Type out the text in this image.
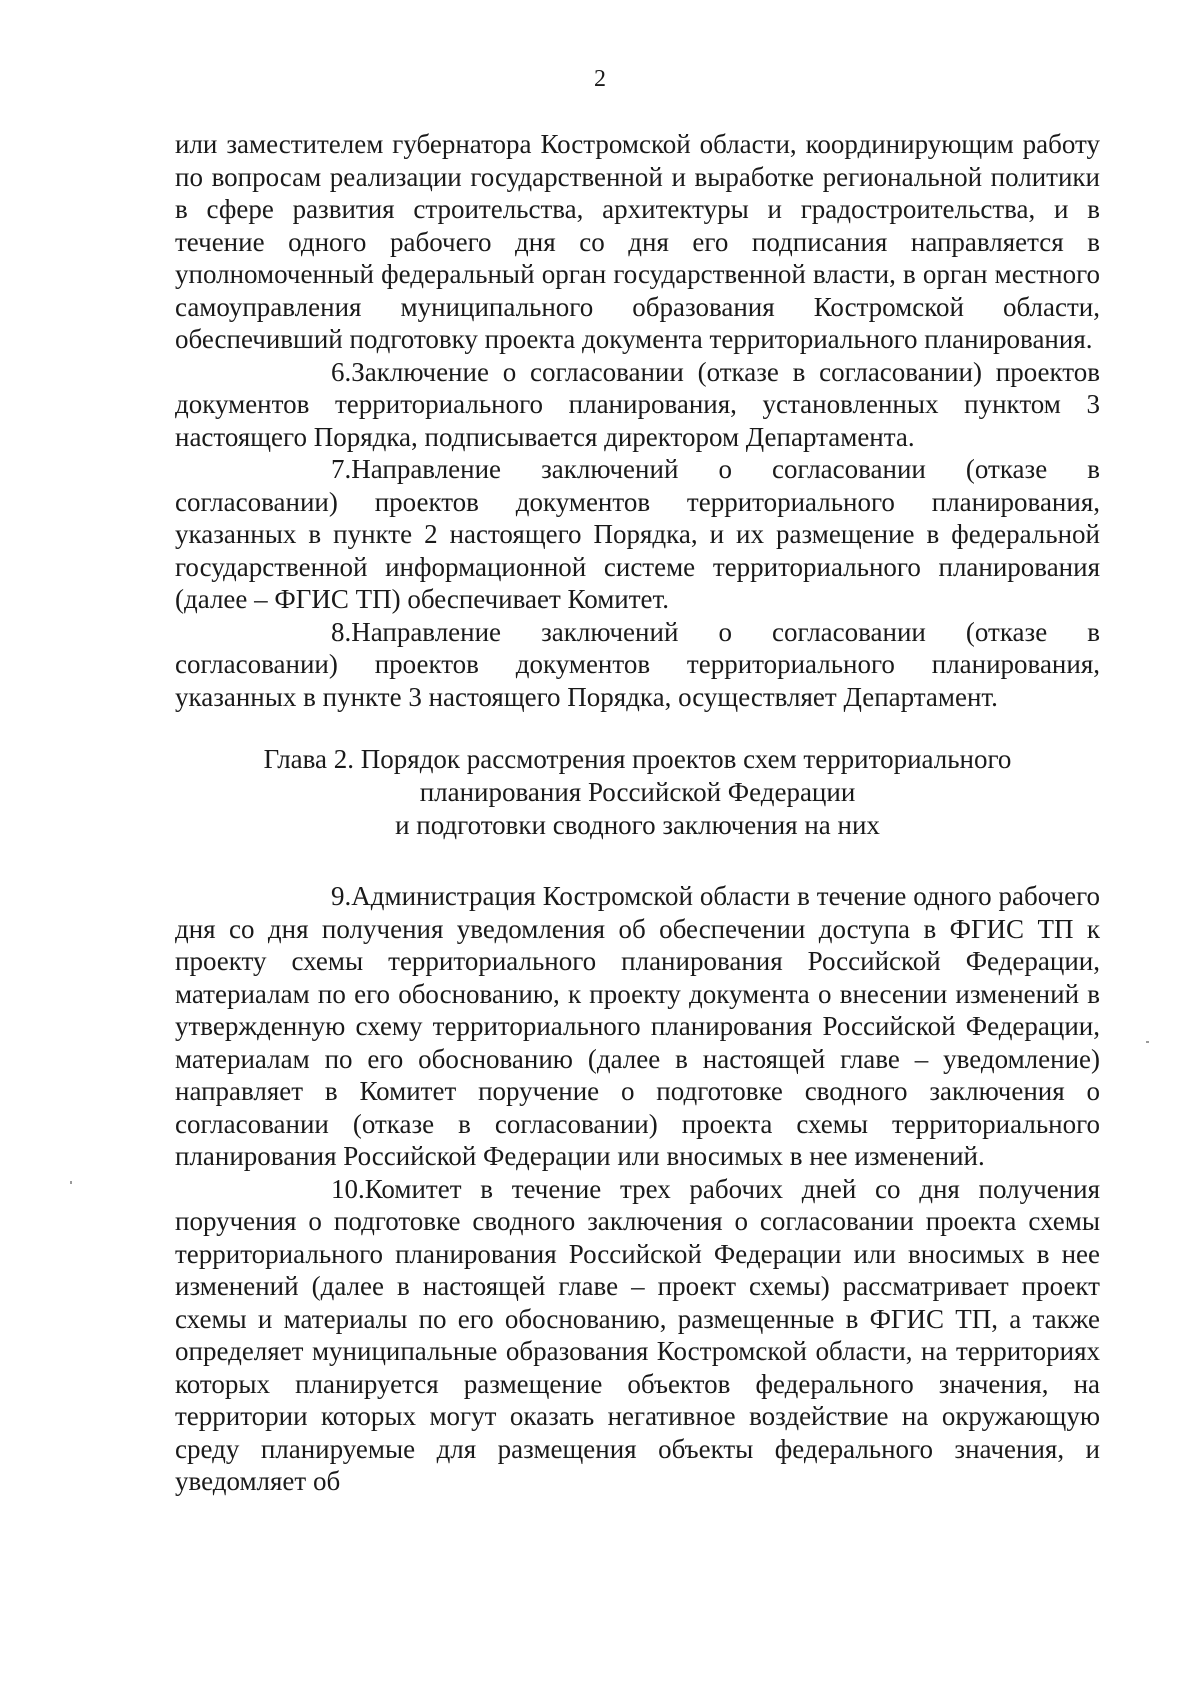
2

или заместителем губернатора Костромской области, координирующим работу по вопросам реализации государственной и выработке региональной политики в сфере развития строительства, архитектуры и градостроительства, и в течение одного рабочего дня со дня его подписания направляется в уполномоченный федеральный орган государственной власти, в орган местного самоуправления муниципального образования Костромской области, обеспечивший подготовку проекта документа территориального планирования.

6.Заключение о согласовании (отказе в согласовании) проектов документов территориального планирования, установленных пунктом 3 настоящего Порядка, подписывается директором Департамента.

7.Направление заключений о согласовании (отказе в согласовании) проектов документов территориального планирования, указанных в пункте 2 настоящего Порядка, и их размещение в федеральной государственной информационной системе территориального планирования (далее – ФГИС ТП) обеспечивает Комитет.

8.Направление заключений о согласовании (отказе в согласовании) проектов документов территориального планирования, указанных в пункте 3 настоящего Порядка, осуществляет Департамент.

Глава 2. Порядок рассмотрения проектов схем территориального
планирования Российской Федерации
и подготовки сводного заключения на них

9.Администрация Костромской области в течение одного рабочего дня со дня получения уведомления об обеспечении доступа в ФГИС ТП к проекту схемы территориального планирования Российской Федерации, материалам по его обоснованию, к проекту документа о внесении изменений в утвержденную схему территориального планирования Российской Федерации, материалам по его обоснованию (далее в настоящей главе – уведомление) направляет в Комитет поручение о подготовке сводного заключения о согласовании (отказе в согласовании) проекта схемы территориального планирования Российской Федерации или вносимых в нее изменений.

10.Комитет в течение трех рабочих дней со дня получения поручения о подготовке сводного заключения о согласовании проекта схемы территориального планирования Российской Федерации или вносимых в нее изменений (далее в настоящей главе – проект схемы) рассматривает проект схемы и материалы по его обоснованию, размещенные в ФГИС ТП, а также определяет муниципальные образования Костромской области, на территориях которых планируется размещение объектов федерального значения, на территории которых могут оказать негативное воздействие на окружающую среду планируемые для размещения объекты федерального значения, и уведомляет об
